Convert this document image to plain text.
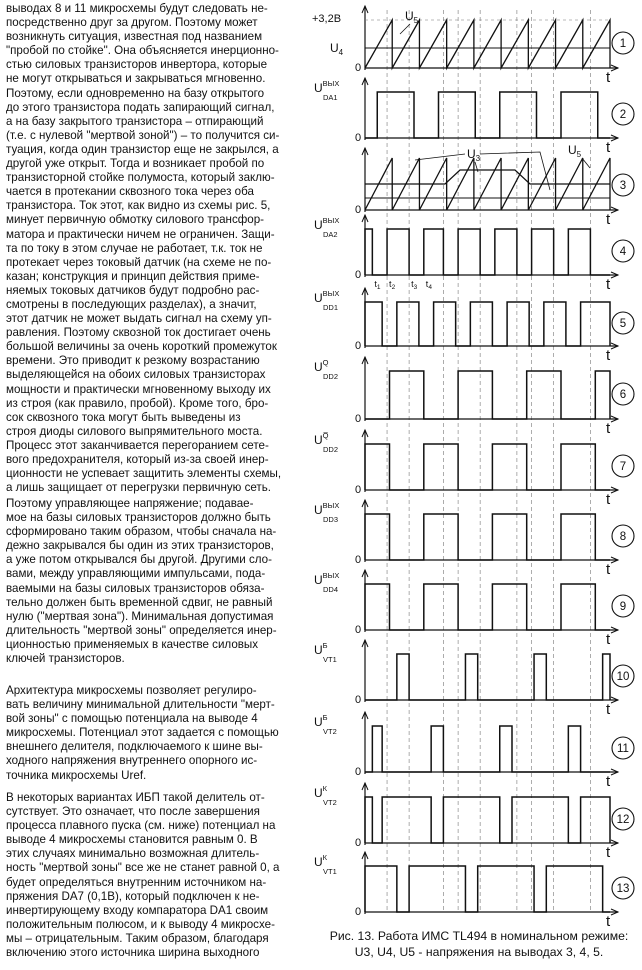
выводах 8 и 11 микросхемы будут следовать не-
посредственно друг за другом. Поэтому может
возникнуть ситуация, известная под названием
"пробой по стойке". Она объясняется инерционно-
стью силовых транзисторов инвертора, которые
не могут открываться и закрываться мгновенно.
Поэтому, если одновременно на базу открытого
до этого транзистора подать запирающий сигнал,
а на базу закрытого транзистора – отпирающий
(т.е. с нулевой "мертвой зоной") – то получится си-
туация, когда один транзистор еще не закрылся, а
другой уже открыт. Тогда и возникает пробой по
транзисторной стойке полумоста, который заклю-
чается в протекании сквозного тока через оба
транзистора. Ток этот, как видно из схемы рис. 5,
минует первичную обмотку силового трансфор-
матора и практически ничем не ограничен. Защи-
та по току в этом случае не работает, т.к. ток не
протекает через токовый датчик (на схеме не по-
казан; конструкция и принцип действия приме-
няемых токовых датчиков будут подробно рас-
смотрены в последующих разделах), а значит,
этот датчик не может выдать сигнал на схему уп-
равления. Поэтому сквозной ток достигает очень
большой величины за очень короткий промежуток
времени. Это приводит к резкому возрастанию
выделяющейся на обоих силовых транзисторах
мощности и практически мгновенному выходу их
из строя (как правило, пробой). Кроме того, бро-
сок сквозного тока могут быть выведены из
строя диоды силового выпрямительного моста.
Процесс этот заканчивается перегоранием сете-
вого предохранителя, который из-за своей инер-
ционности не успевает защитить элементы схемы,
а лишь защищает от перегрузки первичную сеть.

Поэтому управляющее напряжение; подавае-
мое на базы силовых транзисторов должно быть
сформировано таким образом, чтобы сначала на-
дежно закрывался бы один из этих транзисторов,
а уже потом открывался бы другой. Другими сло-
вами, между управляющими импульсами, пода-
ваемыми на базы силовых транзисторов обяза-
тельно должен быть временной сдвиг, не равный
нулю ("мертвая зона"). Минимальная допустимая
длительность "мертвой зоны" определяется инер-
ционностью применяемых в качестве силовых
ключей транзисторов.

Архитектура микросхемы позволяет регулиро-
вать величину минимальной длительности "мерт-
вой зоны" с помощью потенциала на выводе 4
микросхемы. Потенциал этот задается с помощью
внешнего делителя, подключаемого к шине вы-
ходного напряжения внутреннего опорного ис-
точника микросхемы Uref.

В некоторых вариантах ИБП такой делитель от-
сутствует. Это означает, что после завершения
процесса плавного пуска (см. ниже) потенциал на
выводе 4 микросхемы становится равным 0. В
этих случаях минимально возможная длитель-
ность "мертвой зоны" все же не станет равной 0, а
будет определяться внутренним источником на-
пряжения DA7 (0,1В), который подключен к не-
инвертирующему входу компаратора DA1 своим
положительным полюсом, и к выводу 4 микросхе-
мы – отрицательным. Таким образом, благодаря
включению этого источника ширина выходного

t
0
1
+3,2В
$U_4$
$U_5$
t
0
2
$U^{ВЫХ}$
DA1
t
0
3
$U_3$
$U_5$
t
0
4
$U^{ВЫХ}$
DA2
$t_1$ $t_2$ $t_3$ $t_4$
t
0
5
$U^{ВЫХ}$
DD1
t
0
6
$U^Q$
DD2
t
0
7
$U^{Q̅}$
DD2
t
0
8
$U^{ВЫХ}$
DD3
t
0
9
$U^{ВЫХ}$
DD4
t
0
10
$U^Б$
VT1
t
0
11
$U^Б$
VT2
t
0
12
$U^К$
VT2
t
0
13
$U^К$
VT1
Рис. 13. Работа ИМС TL494 в номинальном режиме:
U3, U4, U5 - напряжения на выводах 3, 4, 5.
